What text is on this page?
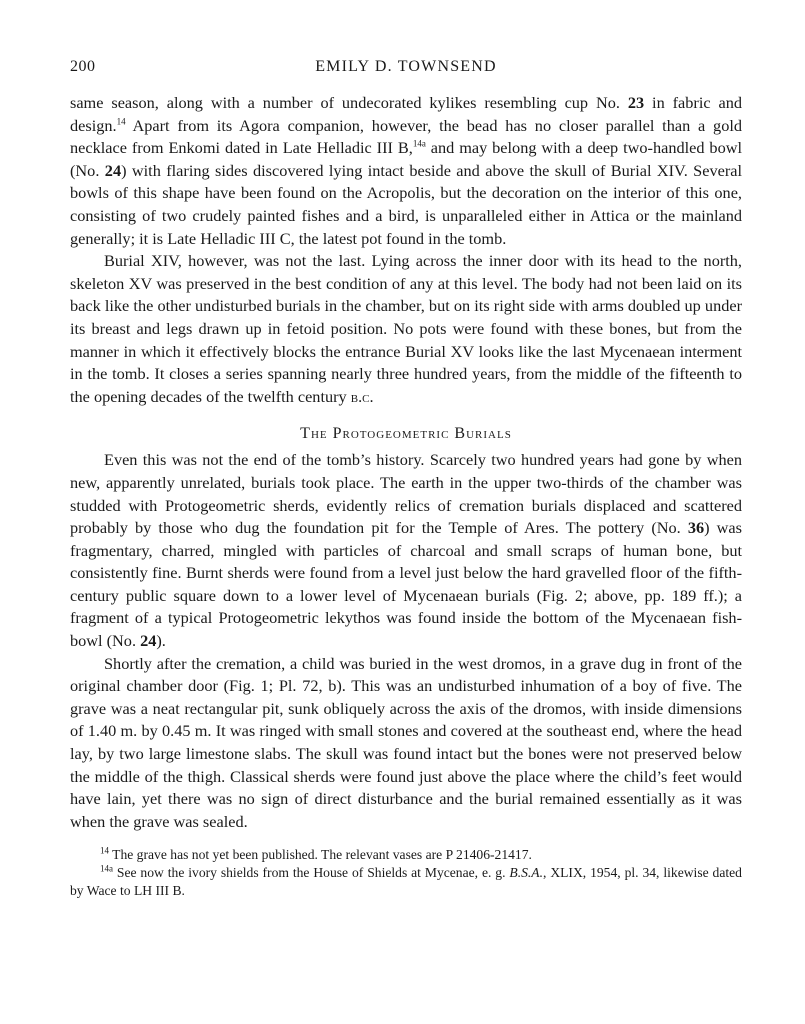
200	EMILY D. TOWNSEND

same season, along with a number of undecorated kylikes resembling cup No. 23 in fabric and design.$^{14}$ Apart from its Agora companion, however, the bead has no closer parallel than a gold necklace from Enkomi dated in Late Helladic III B,$^{14a}$ and may belong with a deep two-handled bowl (No. 24) with flaring sides discovered lying intact beside and above the skull of Burial XIV. Several bowls of this shape have been found on the Acropolis, but the decoration on the interior of this one, consisting of two crudely painted fishes and a bird, is unparalleled either in Attica or the mainland generally; it is Late Helladic III C, the latest pot found in the tomb.

Burial XIV, however, was not the last. Lying across the inner door with its head to the north, skeleton XV was preserved in the best condition of any at this level. The body had not been laid on its back like the other undisturbed burials in the chamber, but on its right side with arms doubled up under its breast and legs drawn up in fetoid position. No pots were found with these bones, but from the manner in which it effectively blocks the entrance Burial XV looks like the last Mycenaean interment in the tomb. It closes a series spanning nearly three hundred years, from the middle of the fifteenth to the opening decades of the twelfth century b.c.

The Protogeometric Burials

Even this was not the end of the tomb’s history. Scarcely two hundred years had gone by when new, apparently unrelated, burials took place. The earth in the upper two-thirds of the chamber was studded with Protogeometric sherds, evidently relics of cremation burials displaced and scattered probably by those who dug the foundation pit for the Temple of Ares. The pottery (No. 36) was fragmentary, charred, mingled with particles of charcoal and small scraps of human bone, but consistently fine. Burnt sherds were found from a level just below the hard gravelled floor of the fifth-century public square down to a lower level of Mycenaean burials (Fig. 2; above, pp. 189 ff.); a fragment of a typical Protogeometric lekythos was found inside the bottom of the Mycenaean fish-bowl (No. 24).

Shortly after the cremation, a child was buried in the west dromos, in a grave dug in front of the original chamber door (Fig. 1; Pl. 72, b). This was an undisturbed inhumation of a boy of five. The grave was a neat rectangular pit, sunk obliquely across the axis of the dromos, with inside dimensions of 1.40 m. by 0.45 m. It was ringed with small stones and covered at the southeast end, where the head lay, by two large limestone slabs. The skull was found intact but the bones were not preserved below the middle of the thigh. Classical sherds were found just above the place where the child’s feet would have lain, yet there was no sign of direct disturbance and the burial remained essentially as it was when the grave was sealed.

$^{14}$ The grave has not yet been published. The relevant vases are P 21406-21417.

$^{14a}$ See now the ivory shields from the House of Shields at Mycenae, e. g. B.S.A., XLIX, 1954, pl. 34, likewise dated by Wace to LH III B.
